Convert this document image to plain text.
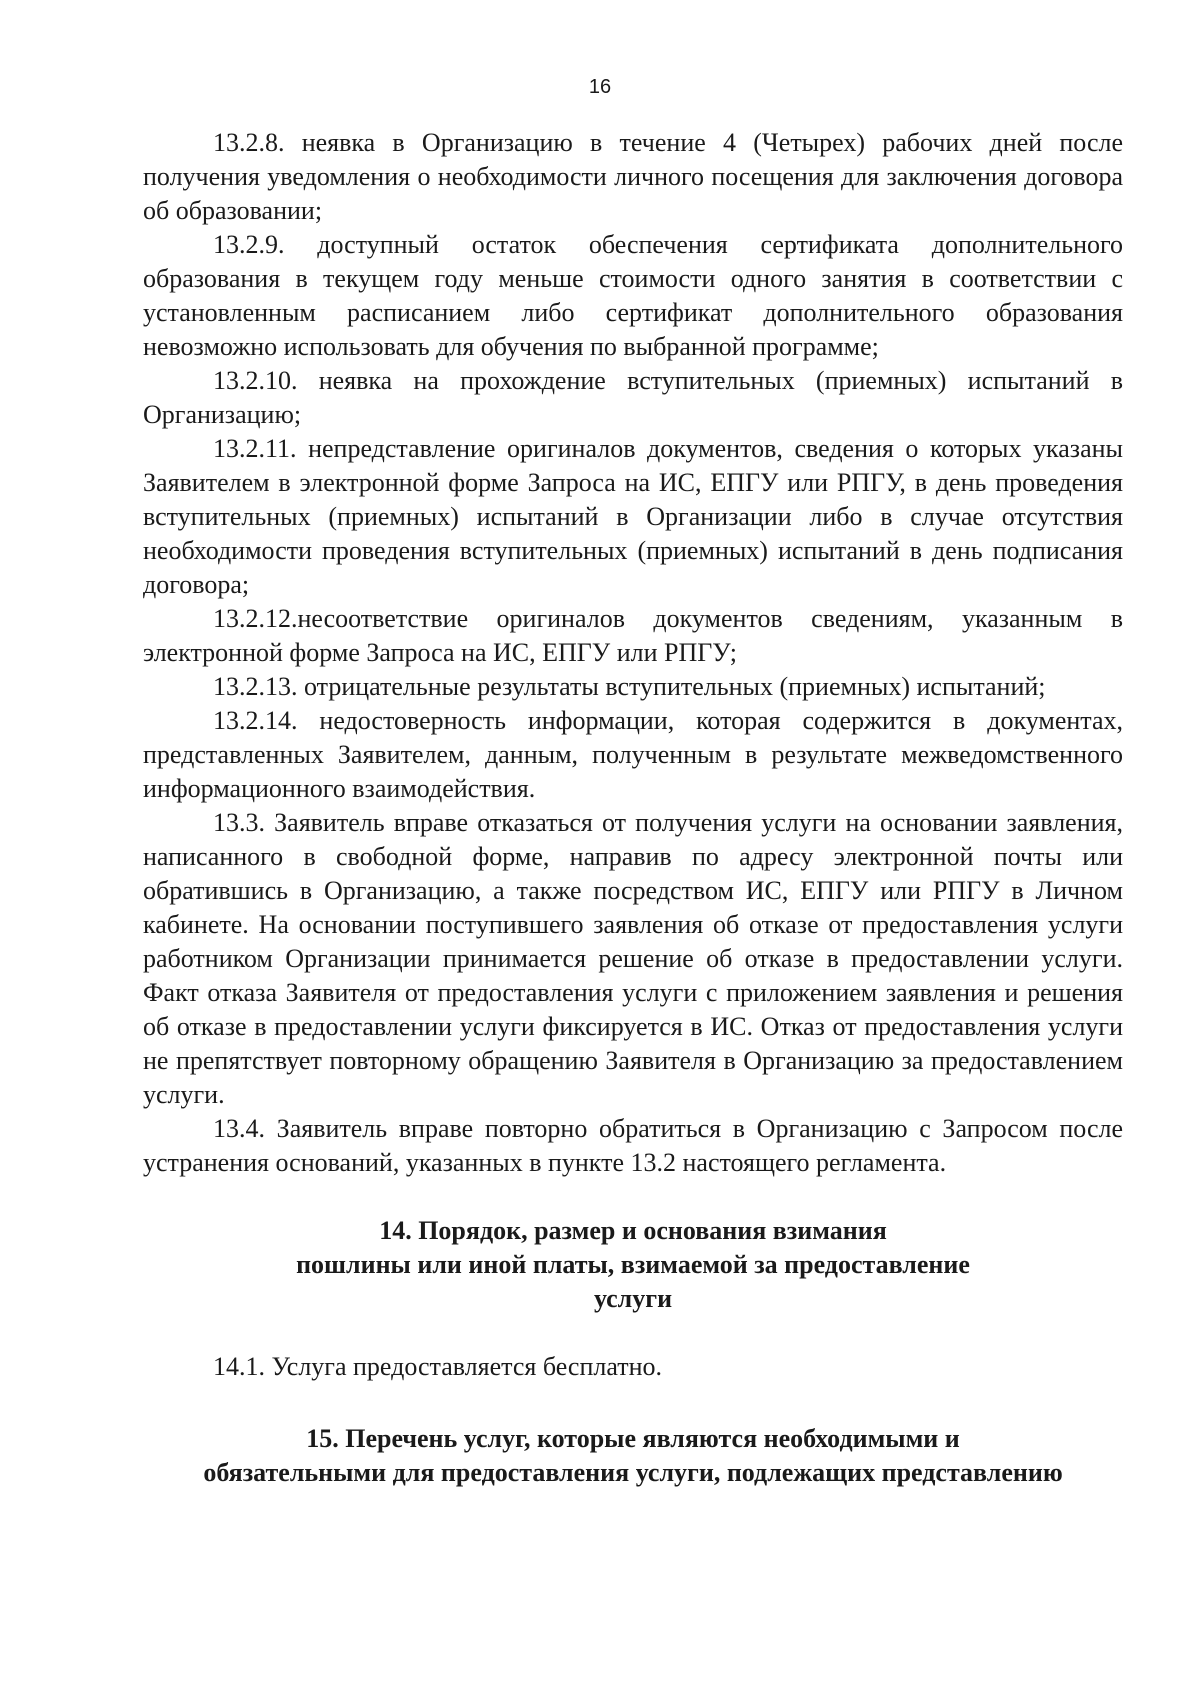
16

13.2.8. неявка в Организацию в течение 4 (Четырех) рабочих дней после получения уведомления о необходимости личного посещения для заключения договора об образовании;

13.2.9. доступный остаток обеспечения сертификата дополнительного образования в текущем году меньше стоимости одного занятия в соответствии с установленным расписанием либо сертификат дополнительного образования невозможно использовать для обучения по выбранной программе;

13.2.10. неявка на прохождение вступительных (приемных) испытаний в Организацию;

13.2.11. непредставление оригиналов документов, сведения о которых указаны Заявителем в электронной форме Запроса на ИС, ЕПГУ или РПГУ, в день проведения вступительных (приемных) испытаний в Организации либо в случае отсутствия необходимости проведения вступительных (приемных) испытаний в день подписания договора;

13.2.12.несоответствие оригиналов документов сведениям, указанным в электронной форме Запроса на ИС, ЕПГУ или РПГУ;

13.2.13. отрицательные результаты вступительных (приемных) испытаний;

13.2.14. недостоверность информации, которая содержится в документах, представленных Заявителем, данным, полученным в результате межведомственного информационного взаимодействия.

13.3. Заявитель вправе отказаться от получения услуги на основании заявления, написанного в свободной форме, направив по адресу электронной почты или обратившись в Организацию, а также посредством ИС, ЕПГУ или РПГУ в Личном кабинете. На основании поступившего заявления об отказе от предоставления услуги работником Организации принимается решение об отказе в предоставлении услуги. Факт отказа Заявителя от предоставления услуги с приложением заявления и решения об отказе в предоставлении услуги фиксируется в ИС. Отказ от предоставления услуги не препятствует повторному обращению Заявителя в Организацию за предоставлением услуги.

13.4. Заявитель вправе повторно обратиться в Организацию с Запросом после устранения оснований, указанных в пункте 13.2 настоящего регламента.

14. Порядок, размер и основания взимания
пошлины или иной платы, взимаемой за предоставление
услуги

14.1. Услуга предоставляется бесплатно.

15. Перечень услуг, которые являются необходимыми и
обязательными для предоставления услуги, подлежащих представлению
